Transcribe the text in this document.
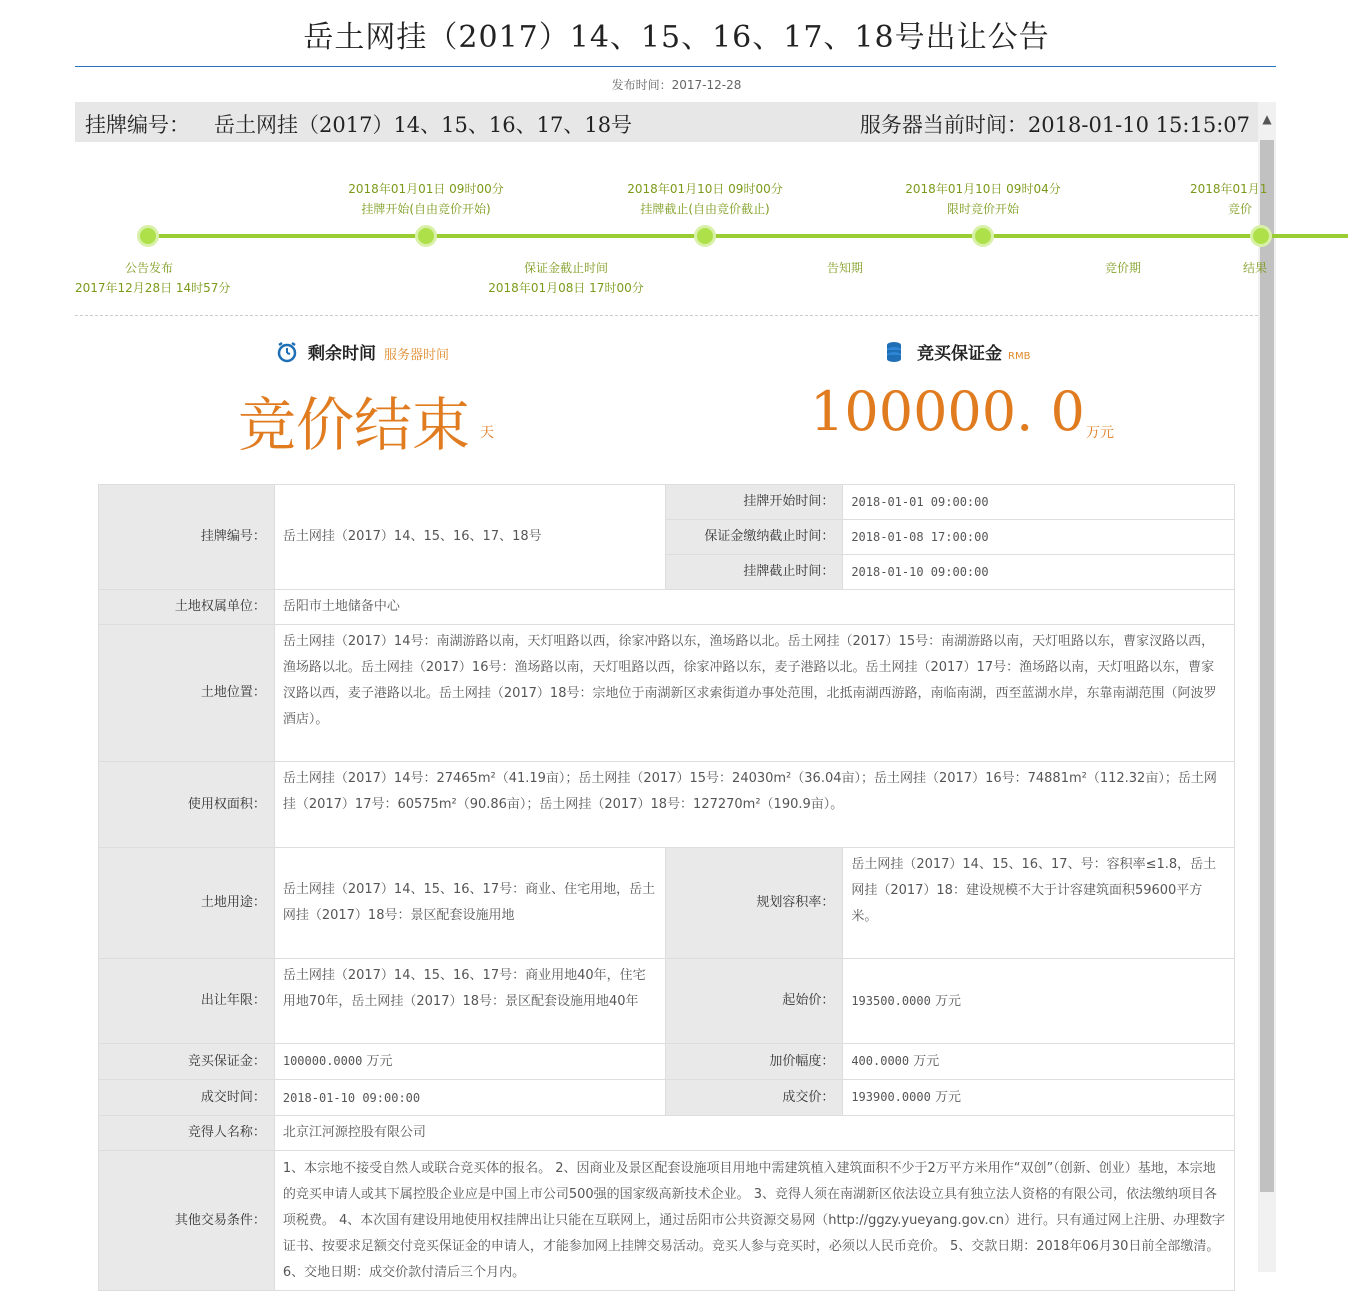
岳土网挂（2017）14、15、16、17、18号出让公告
发布时间：2017-12-28
挂牌编号： 岳土网挂（2017）14、15、16、17、18号	服务器当前时间：2018-01-10 15:15:07	▲
2018年01月01日 09时00分
挂牌开始(自由竞价开始)
2018年01月10日 09时00分
挂牌截止(自由竞价截止)
2018年01月10日 09时04分
限时竞价开始
2018年01月1
竞价
公告发布
2017年12月28日 14时57分
保证金截止时间
2018年01月08日 17时00分
告知期	竞价期	结果
剩余时间 服务器时间
竞价结束 天
竞买保证金 RMB
100000. 0 万元
挂牌编号：	岳土网挂（2017）14、15、16、17、18号	挂牌开始时间：	2018-01-01 09:00:00
		保证金缴纳截止时间：	2018-01-08 17:00:00
		挂牌截止时间：	2018-01-10 09:00:00
土地权属单位：	岳阳市土地储备中心		
土地位置：	岳土网挂（2017）14号：南湖游路以南，天灯咀路以西，徐家冲路以东，渔场路以北。岳土网挂（2017）15号：南湖游路以南，天灯咀路以东，曹家汊路以西，渔场路以北。岳土网挂（2017）16号：渔场路以南，天灯咀路以西，徐家冲路以东，麦子港路以北。岳土网挂（2017）17号：渔场路以南，天灯咀路以东，曹家汊路以西，麦子港路以北。岳土网挂（2017）18号：宗地位于南湖新区求索街道办事处范围，北抵南湖西游路，南临南湖，西至蓝湖水岸，东靠南湖范围（阿波罗酒店）。		
使用权面积：	岳土网挂（2017）14号：27465m²（41.19亩）；岳土网挂（2017）15号：24030m²（36.04亩）；岳土网挂（2017）16号：74881m²（112.32亩）；岳土网挂（2017）17号：60575m²（90.86亩）；岳土网挂（2017）18号：127270m²（190.9亩）。		
土地用途：	岳土网挂（2017）14、15、16、17号：商业、住宅用地，岳土网挂（2017）18号：景区配套设施用地	规划容积率：	岳土网挂（2017）14、15、16、17、号：容积率≤1.8，岳土网挂（2017）18：建设规模不大于计容建筑面积59600平方米。
出让年限：	岳土网挂（2017）14、15、16、17号：商业用地40年，住宅用地70年，岳土网挂（2017）18号：景区配套设施用地40年	起始价：	193500.0000 万元
竞买保证金：	100000.0000 万元	加价幅度：	400.0000 万元
成交时间：	2018-01-10 09:00:00	成交价：	193900.0000 万元
竞得人名称：	北京江河源控股有限公司		
其他交易条件：	1、本宗地不接受自然人或联合竞买体的报名。 2、因商业及景区配套设施项目用地中需建筑植入建筑面积不少于2万平方米用作“双创”（创新、创业）基地，本宗地的竞买申请人或其下属控股企业应是中国上市公司500强的国家级高新技术企业。 3、竞得人须在南湖新区依法设立具有独立法人资格的有限公司，依法缴纳项目各项税费。 4、本次国有建设用地使用权挂牌出让只能在互联网上，通过岳阳市公共资源交易网（http://ggzy.yueyang.gov.cn）进行。只有通过网上注册、办理数字证书、按要求足额交付竞买保证金的申请人，才能参加网上挂牌交易活动。竞买人参与竞买时，必须以人民币竞价。 5、交款日期：2018年06月30日前全部缴清。 6、交地日期：成交价款付清后三个月内。		
